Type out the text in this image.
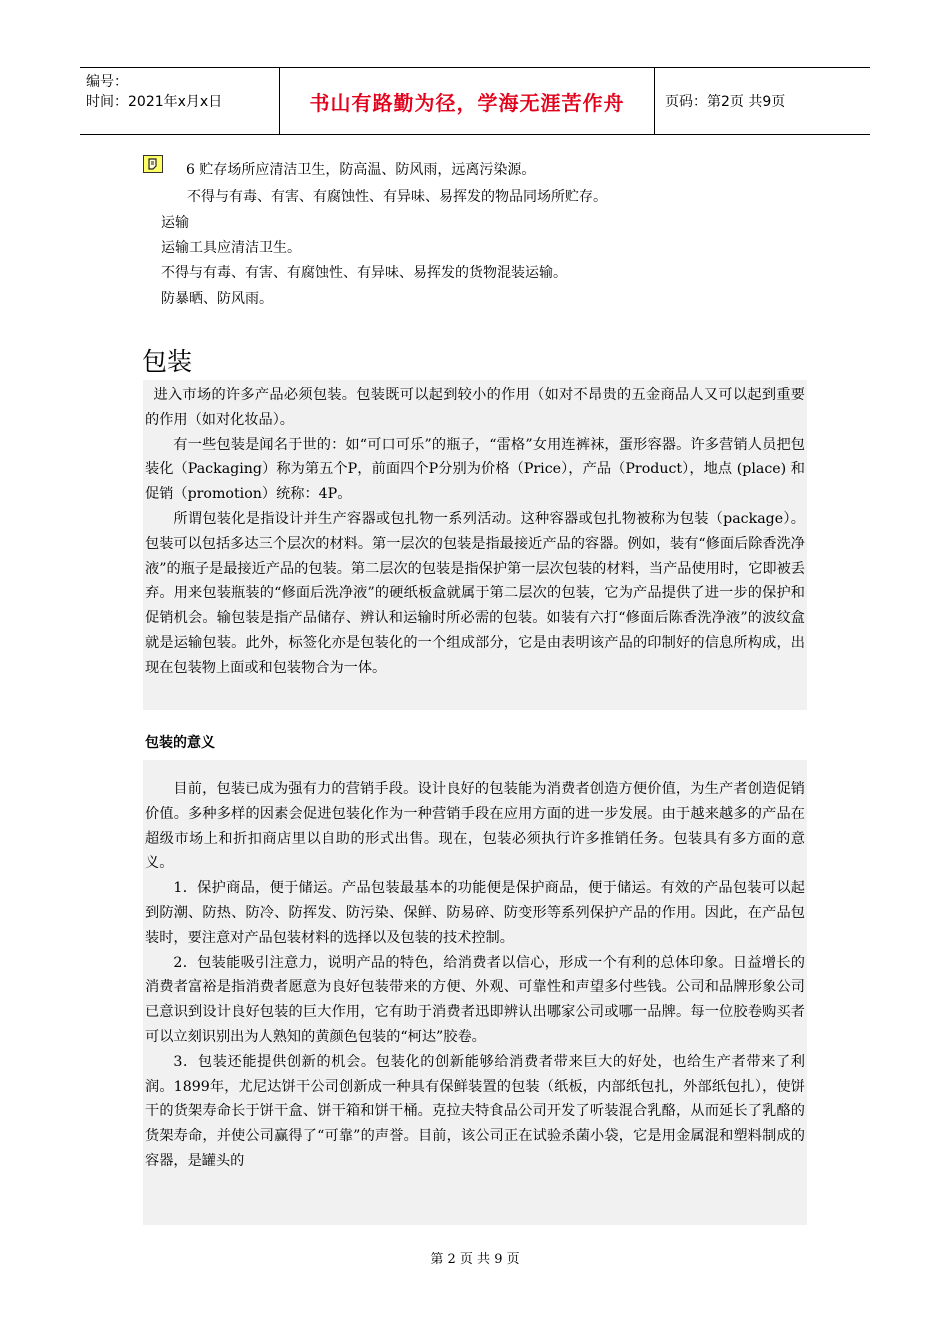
编号：
时间：2021年x月x日	书山有路勤为径，学海无涯苦作舟	页码：第2页 共9页
6 贮存场所应清洁卫生，防高温、防风雨，远离污染源。
不得与有毒、有害、有腐蚀性、有异味、易挥发的物品同场所贮存。
运输
运输工具应清洁卫生。
不得与有毒、有害、有腐蚀性、有异味、易挥发的货物混装运输。
防暴晒、防风雨。
包装

进入市场的许多产品必须包装。包装既可以起到较小的作用（如对不昂贵的五金商品人又可以起到重要的作用（如对化妆品）。

有一些包装是闻名于世的：如“可口可乐”的瓶子，“雷格”女用连裤袜，蛋形容器。许多营销人员把包装化（Packaging）称为第五个P，前面四个P分别为价格（Price），产品（Product），地点 (place) 和促销（promotion）统称：4P。

所谓包装化是指设计并生产容器或包扎物一系列活动。这种容器或包扎物被称为包装（package）。包装可以包括多达三个层次的材料。第一层次的包装是指最接近产品的容器。例如，装有“修面后除香洗净液”的瓶子是最接近产品的包装。第二层次的包装是指保护第一层次包装的材料，当产品使用时，它即被丢弃。用来包装瓶装的“修面后洗净液”的硬纸板盒就属于第二层次的包装，它为产品提供了进一步的保护和促销机会。输包装是指产品储存、辨认和运输时所必需的包装。如装有六打“修面后陈香洗净液”的波纹盒就是运输包装。此外，标签化亦是包装化的一个组成部分，它是由表明该产品的印制好的信息所构成，出现在包装物上面或和包装物合为一体。

包装的意义

目前，包装已成为强有力的营销手段。设计良好的包装能为消费者创造方便价值，为生产者创造促销价值。多种多样的因素会促进包装化作为一种营销手段在应用方面的进一步发展。由于越来越多的产品在超级市场上和折扣商店里以自助的形式出售。现在，包装必须执行许多推销任务。包装具有多方面的意义。

1．保护商品，便于储运。产品包装最基本的功能便是保护商品，便于储运。有效的产品包装可以起到防潮、防热、防冷、防挥发、防污染、保鲜、防易碎、防变形等系列保护产品的作用。因此，在产品包装时，要注意对产品包装材料的选择以及包装的技术控制。

2．包装能吸引注意力，说明产品的特色，给消费者以信心，形成一个有利的总体印象。日益增长的消费者富裕是指消费者愿意为良好包装带来的方便、外观、可靠性和声望多付些钱。公司和品牌形象公司已意识到设计良好包装的巨大作用，它有助于消费者迅即辨认出哪家公司或哪一品牌。每一位胶卷购买者可以立刻识别出为人熟知的黄颜色包装的“柯达”胶卷。

3．包装还能提供创新的机会。包装化的创新能够给消费者带来巨大的好处，也给生产者带来了利润。1899年，尤尼达饼干公司创新成一种具有保鲜装置的包装（纸板，内部纸包扎，外部纸包扎），使饼干的货架寿命长于饼干盒、饼干箱和饼干桶。克拉夫特食品公司开发了听装混合乳酪，从而延长了乳酪的货架寿命，并使公司赢得了“可靠”的声誉。目前，该公司正在试验杀菌小袋，它是用金属混和塑料制成的容器，是罐头的

第 2 页 共 9 页
